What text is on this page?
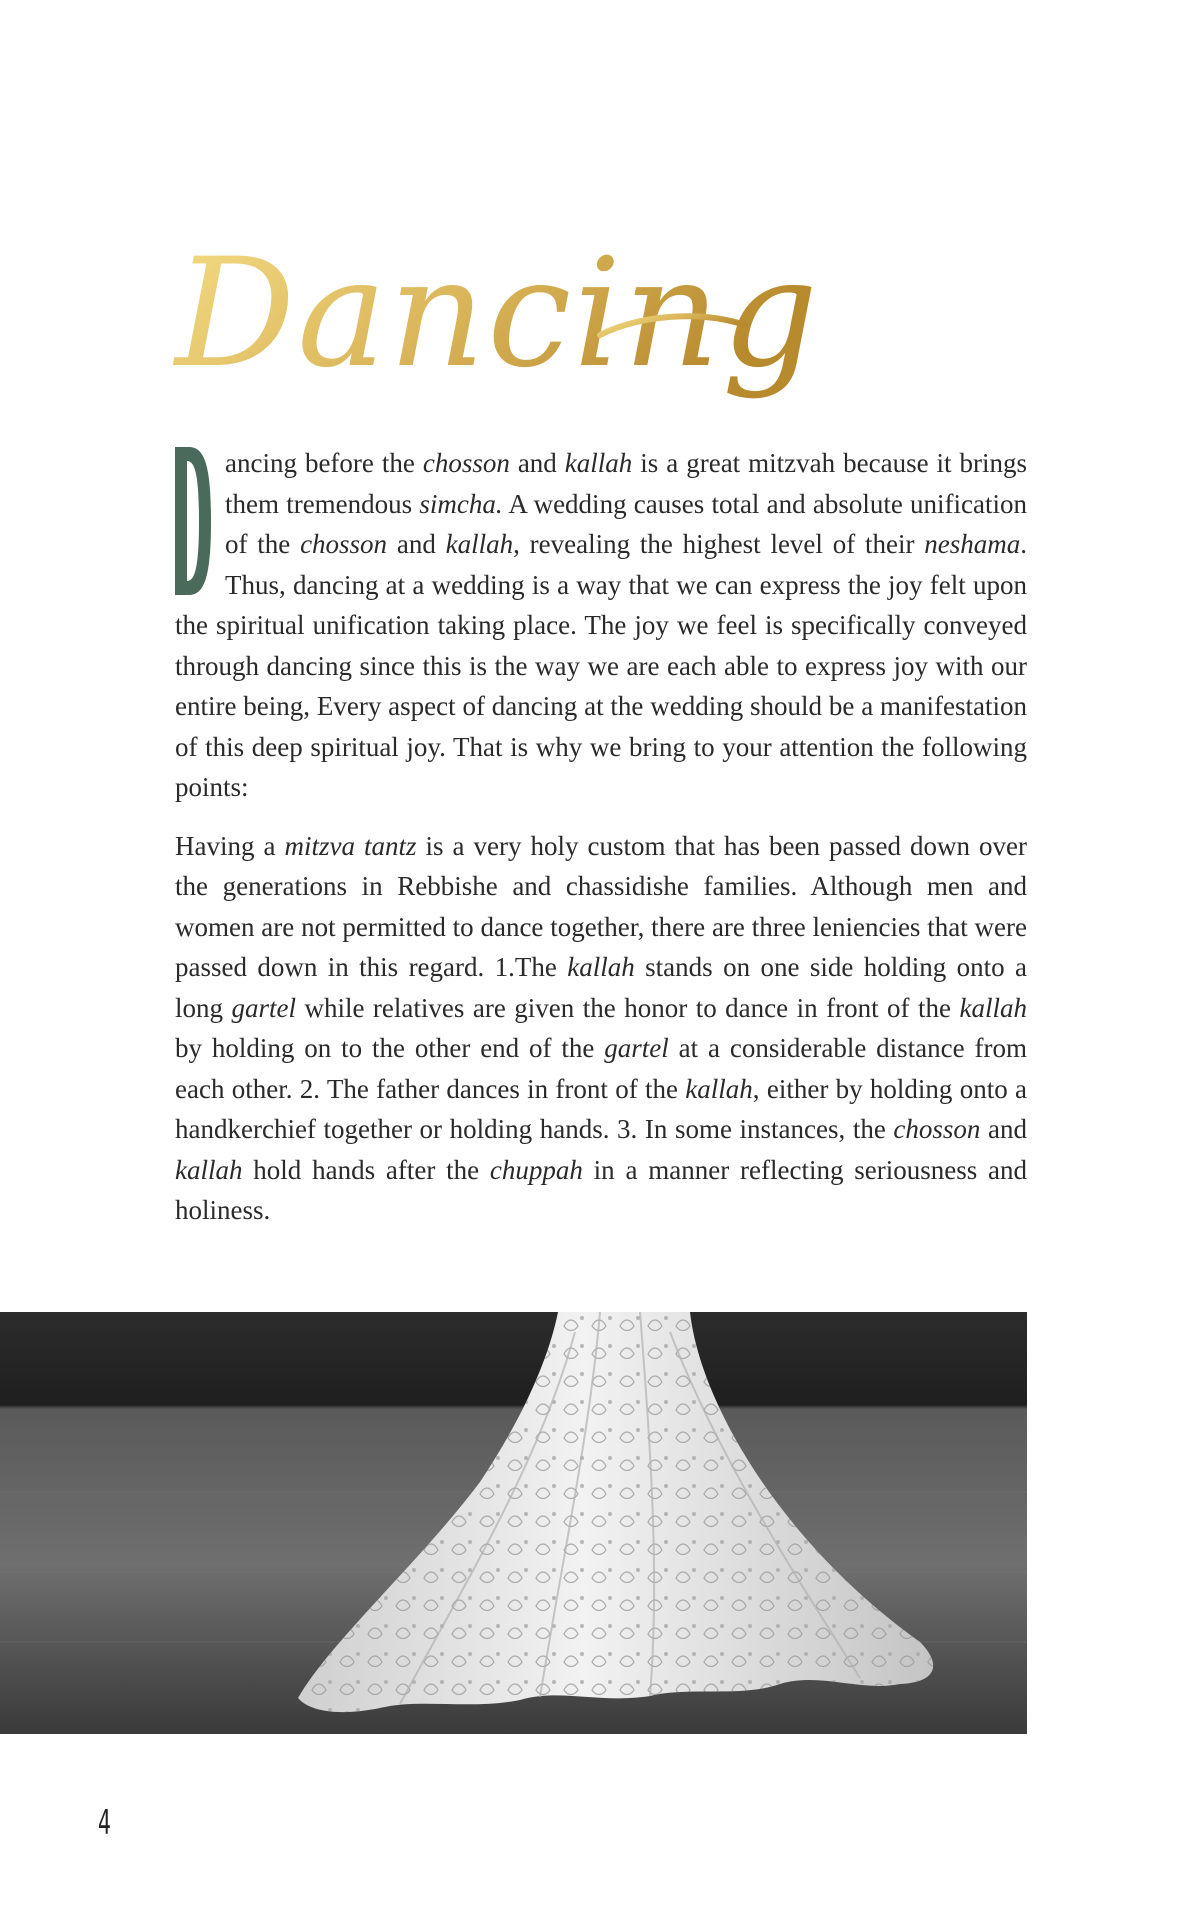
Dancing

ancing before the chosson and kallah is a great mitzvah because it brings them tremendous simcha. A wedding causes total and absolute unification of the chosson and kallah, revealing the highest level of their neshama. Thus, dancing at a wedding is a way that we can express the joy felt upon the spiritual unification taking place. The joy we feel is specifically conveyed through dancing since this is the way we are each able to express joy with our entire being, Every aspect of dancing at the wedding should be a manifestation of this deep spiritual joy. That is why we bring to your attention the following points:

Having a mitzva tantz is a very holy custom that has been passed down over the generations in Rebbishe and chassidishe families. Although men and women are not permitted to dance together, there are three leniencies that were passed down in this regard. 1.The kallah stands on one side holding onto a long gartel while relatives are given the honor to dance in front of the kallah by holding on to the other end of the gartel at a considerable distance from each other. 2. The father dances in front of the kallah, either by holding onto a handkerchief together or holding hands. 3. In some instances, the chosson and kallah hold hands after the chuppah in a manner reflecting seriousness and holiness.

4
